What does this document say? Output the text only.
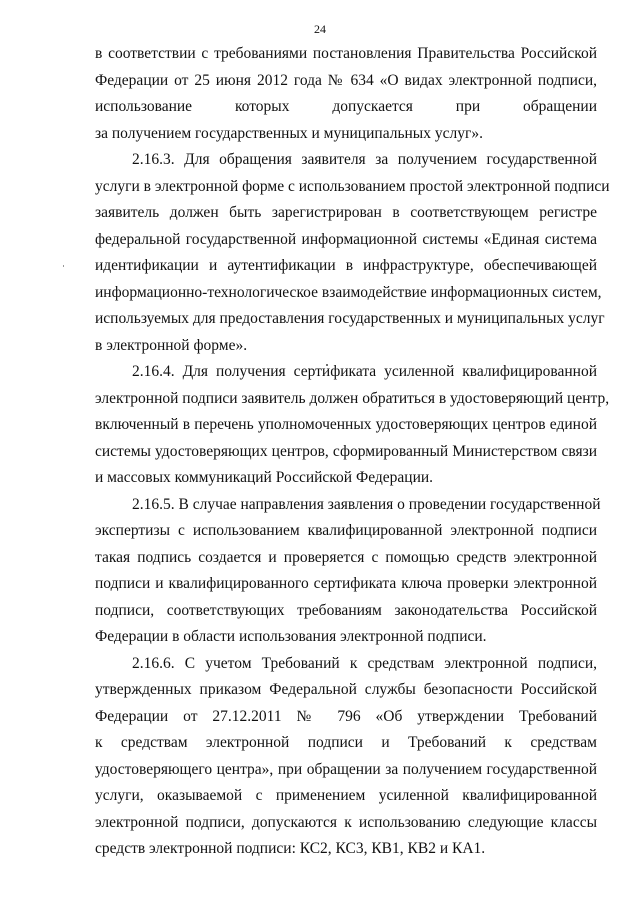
24
в соответствии с требованиями постановления Правительства Российской
Федерации от 25 июня 2012 года № 634 «О видах электронной подписи,
использование которых допускается при обращении
за получением государственных и муниципальных услуг».
2.16.3. Для обращения заявителя за получением государственной
услуги в электронной форме с использованием простой электронной подписи
заявитель должен быть зарегистрирован в соответствующем регистре
федеральной государственной информационной системы «Единая система
идентификации и аутентификации в инфраструктуре, обеспечивающей
информационно-технологическое взаимодействие информационных систем,
используемых для предоставления государственных и муниципальных услуг
в электронной форме».
2.16.4. Для получения сертификата усиленной квалифицированной
электронной подписи заявитель должен обратиться в удостоверяющий центр,
включенный в перечень уполномоченных удостоверяющих центров единой
системы удостоверяющих центров, сформированный Министерством связи
и массовых коммуникаций Российской Федерации.
2.16.5. В случае направления заявления о проведении государственной
экспертизы с использованием квалифицированной электронной подписи
такая подпись создается и проверяется с помощью средств электронной
подписи и квалифицированного сертификата ключа проверки электронной
подписи, соответствующих требованиям законодательства Российской
Федерации в области использования электронной подписи.
2.16.6. С учетом Требований к средствам электронной подписи,
утвержденных приказом Федеральной службы безопасности Российской
Федерации от 27.12.2011 № 796 «Об утверждении Требований
к средствам электронной подписи и Требований к средствам
удостоверяющего центра», при обращении за получением государственной
услуги, оказываемой с применением усиленной квалифицированной
электронной подписи, допускаются к использованию следующие классы
средств электронной подписи: КС2, КС3, КВ1, КВ2 и КА1.
